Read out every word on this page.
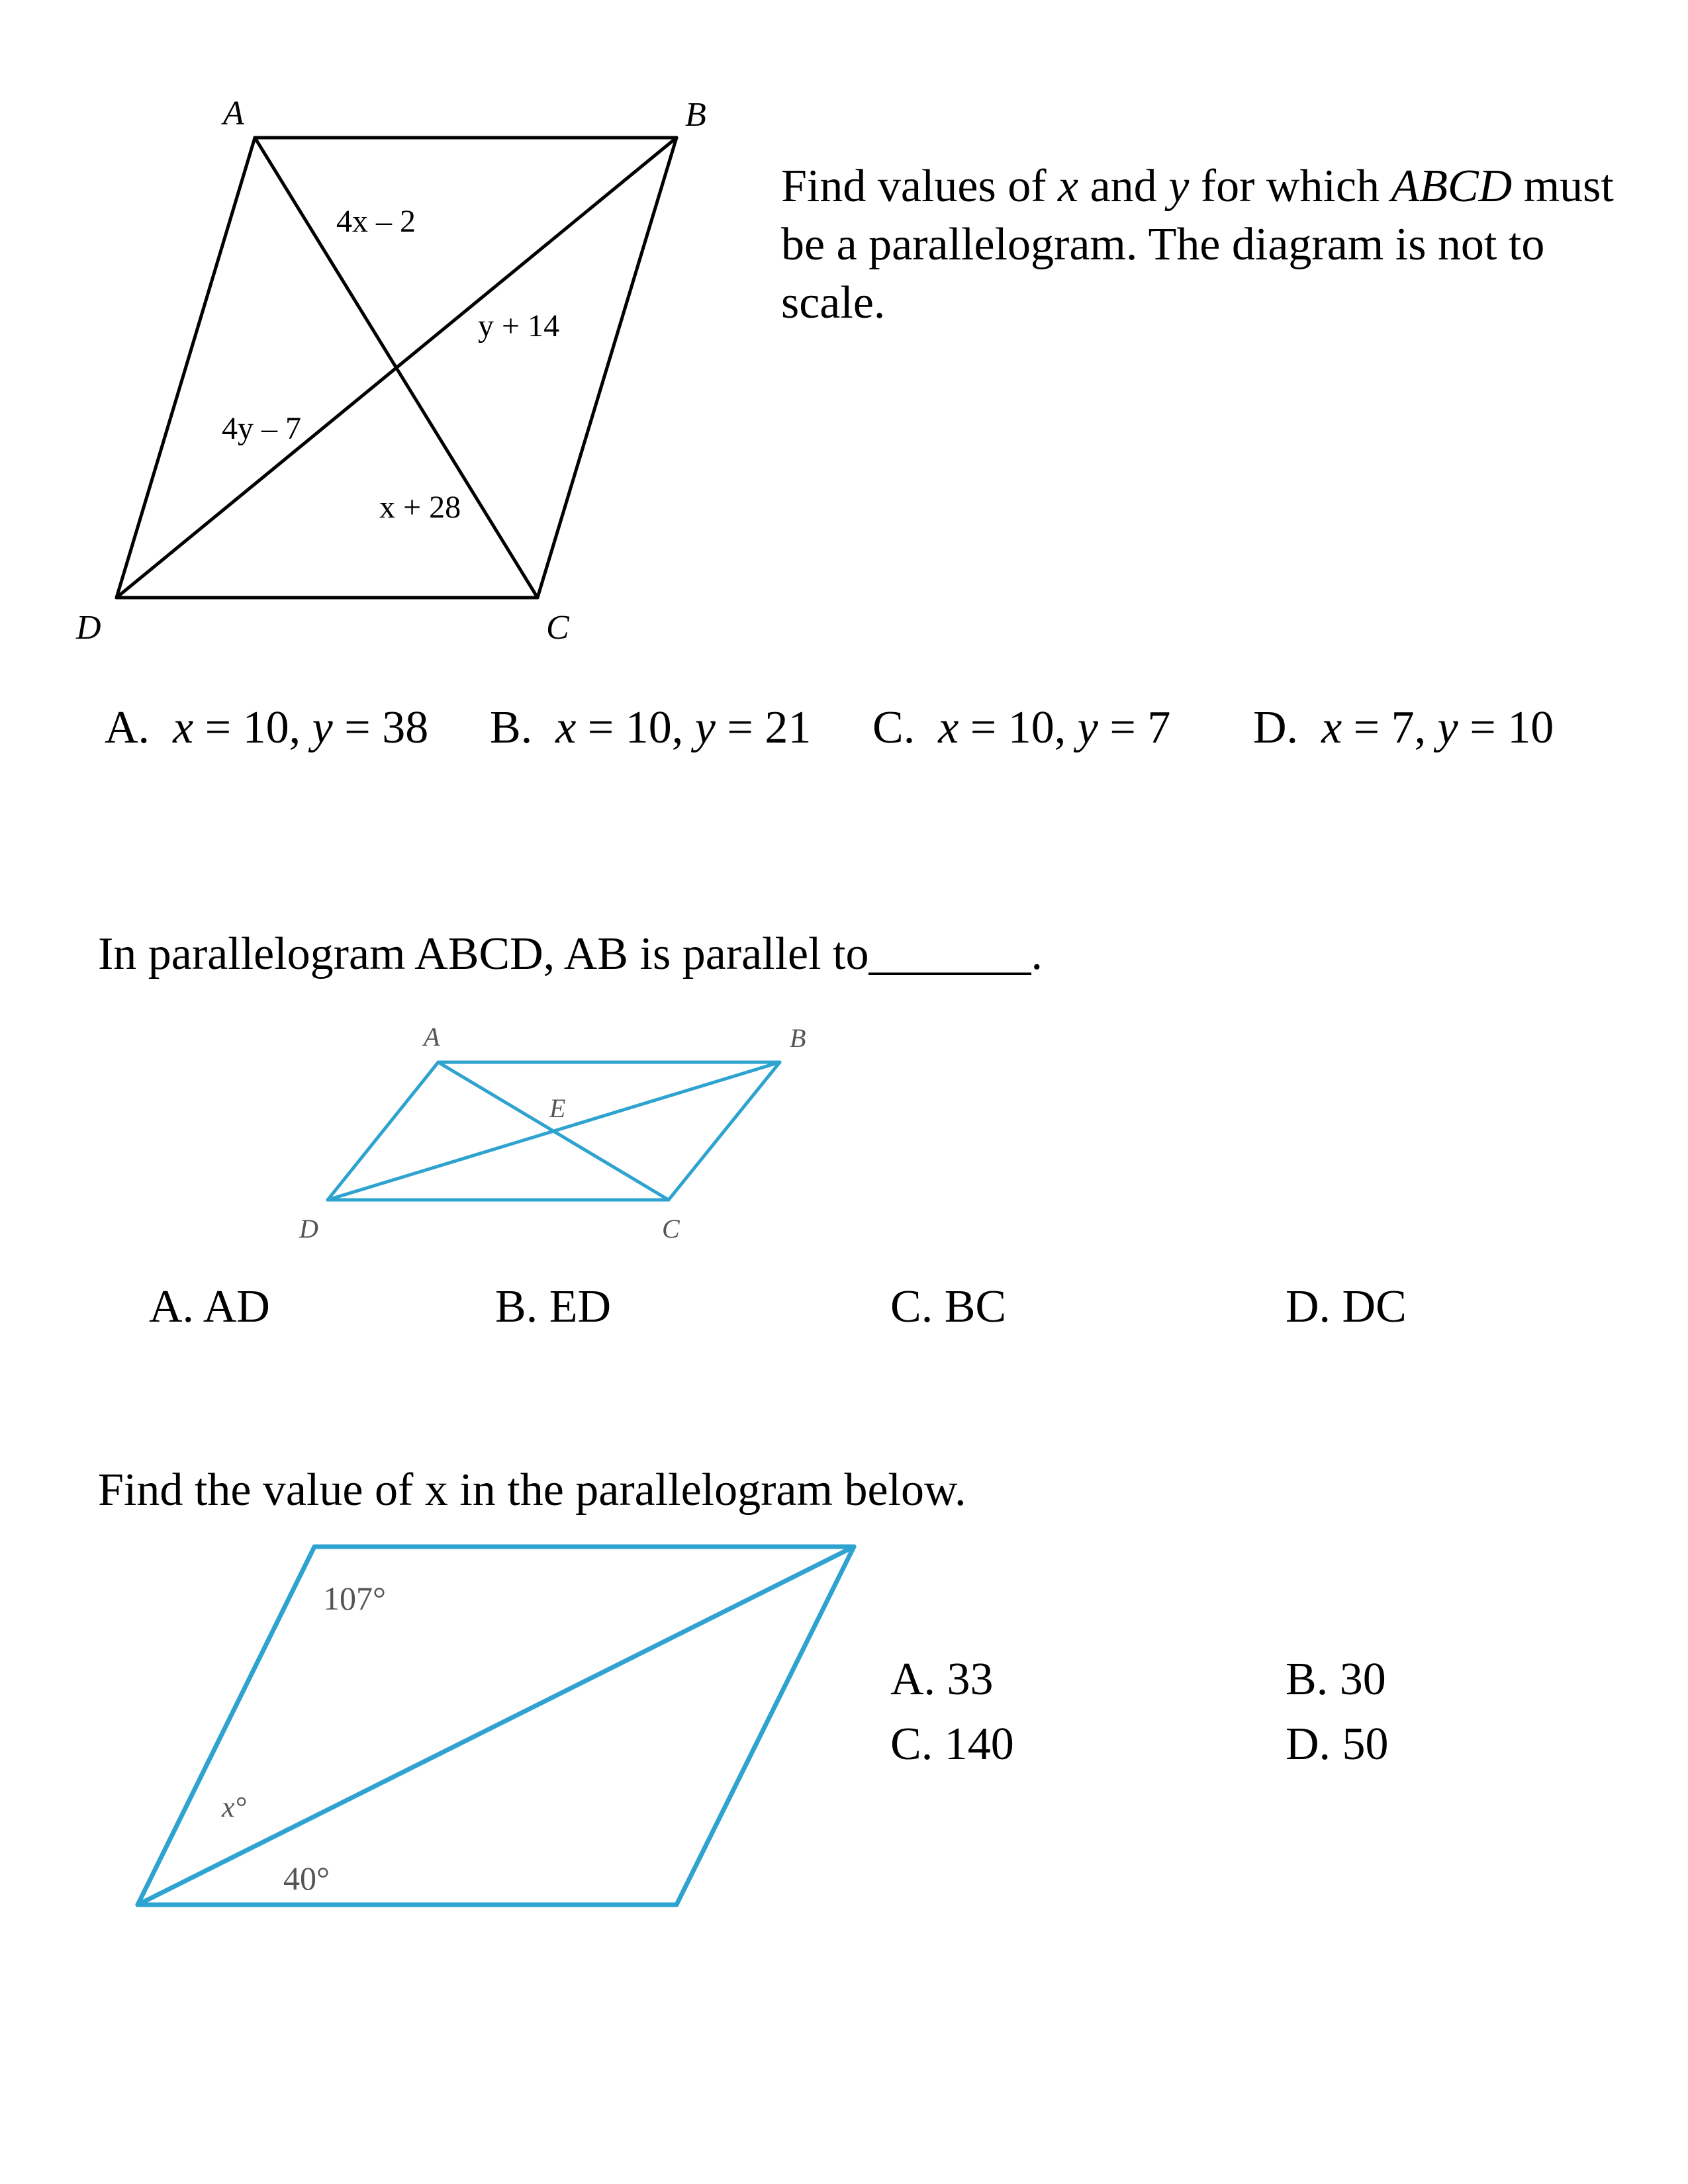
A	B
C
D
4x – 2
y + 14
4y – 7
x + 28
Find values of x and y for which ABCD must be a parallelogram. The diagram is not to scale.
A. x = 10, y = 38 B. x = 10, y = 21 C. x = 10, y = 7 D. x = 7, y = 10
In parallelogram ABCD, AB is parallel to_______.
A	B
C
D
E
A. AD	B. ED	C. BC	D. DC
Find the value of x in the parallelogram below.
107°
x°
40°
A. 33	B. 30
C. 140	D. 50
